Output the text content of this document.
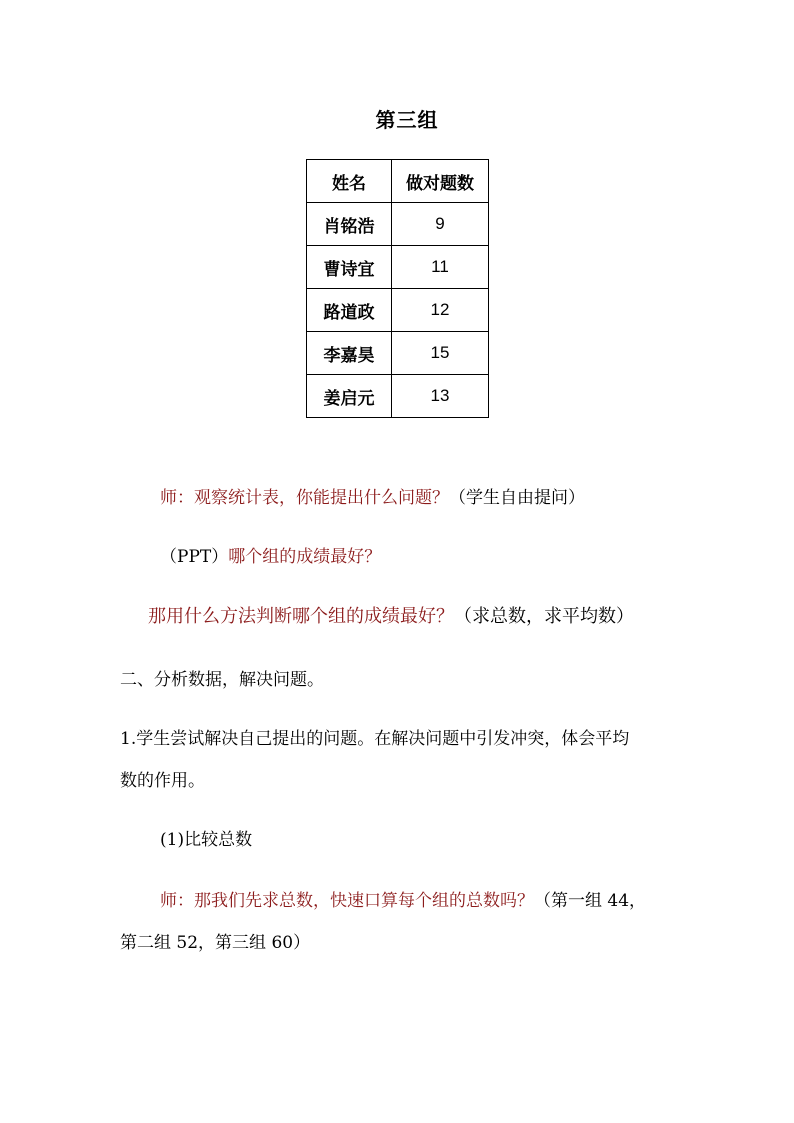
第三组
姓名	做对题数
肖铭浩	9
曹诗宜	11
路道政	12
李嘉昊	15
姜启元	13
师：观察统计表，你能提出什么问题？（学生自由提问）
（PPT）哪个组的成绩最好？
那用什么方法判断哪个组的成绩最好？（求总数，求平均数）
二、分析数据，解决问题。
1.学生尝试解决自己提出的问题。在解决问题中引发冲突，体会平均
数的作用。
(1)比较总数
师：那我们先求总数，快速口算每个组的总数吗？（第一组 44，
第二组 52，第三组 60）
